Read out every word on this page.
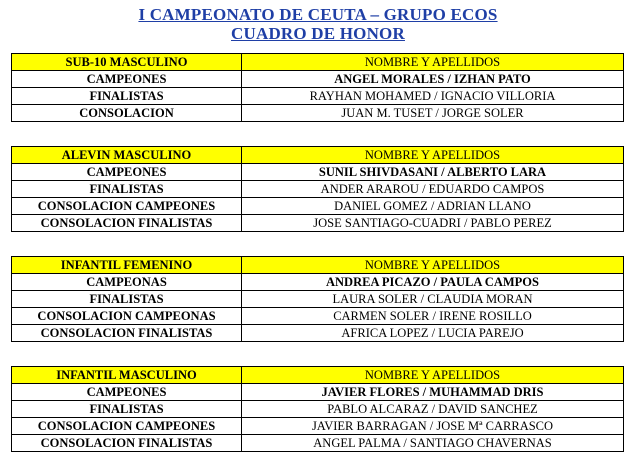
I CAMPEONATO DE CEUTA – GRUPO ECOS
CUADRO DE HONOR
SUB-10 MASCULINO	NOMBRE Y APELLIDOS
CAMPEONES	ANGEL MORALES / IZHAN PATO
FINALISTAS	RAYHAN MOHAMED / IGNACIO VILLORIA
CONSOLACION	JUAN M. TUSET / JORGE SOLER
ALEVIN MASCULINO	NOMBRE Y APELLIDOS
CAMPEONES	SUNIL SHIVDASANI / ALBERTO LARA
FINALISTAS	ANDER ARAROU / EDUARDO CAMPOS
CONSOLACION CAMPEONES	DANIEL GOMEZ / ADRIAN LLANO
CONSOLACION FINALISTAS	JOSE SANTIAGO-CUADRI / PABLO PEREZ
INFANTIL FEMENINO	NOMBRE Y APELLIDOS
CAMPEONAS	ANDREA PICAZO / PAULA CAMPOS
FINALISTAS	LAURA SOLER / CLAUDIA MORAN
CONSOLACION CAMPEONAS	CARMEN SOLER / IRENE ROSILLO
CONSOLACION FINALISTAS	AFRICA LOPEZ / LUCIA PAREJO
INFANTIL MASCULINO	NOMBRE Y APELLIDOS
CAMPEONES	JAVIER FLORES / MUHAMMAD DRIS
FINALISTAS	PABLO ALCARAZ / DAVID SANCHEZ
CONSOLACION CAMPEONES	JAVIER BARRAGAN / JOSE Mª CARRASCO
CONSOLACION FINALISTAS	ANGEL PALMA / SANTIAGO CHAVERNAS
